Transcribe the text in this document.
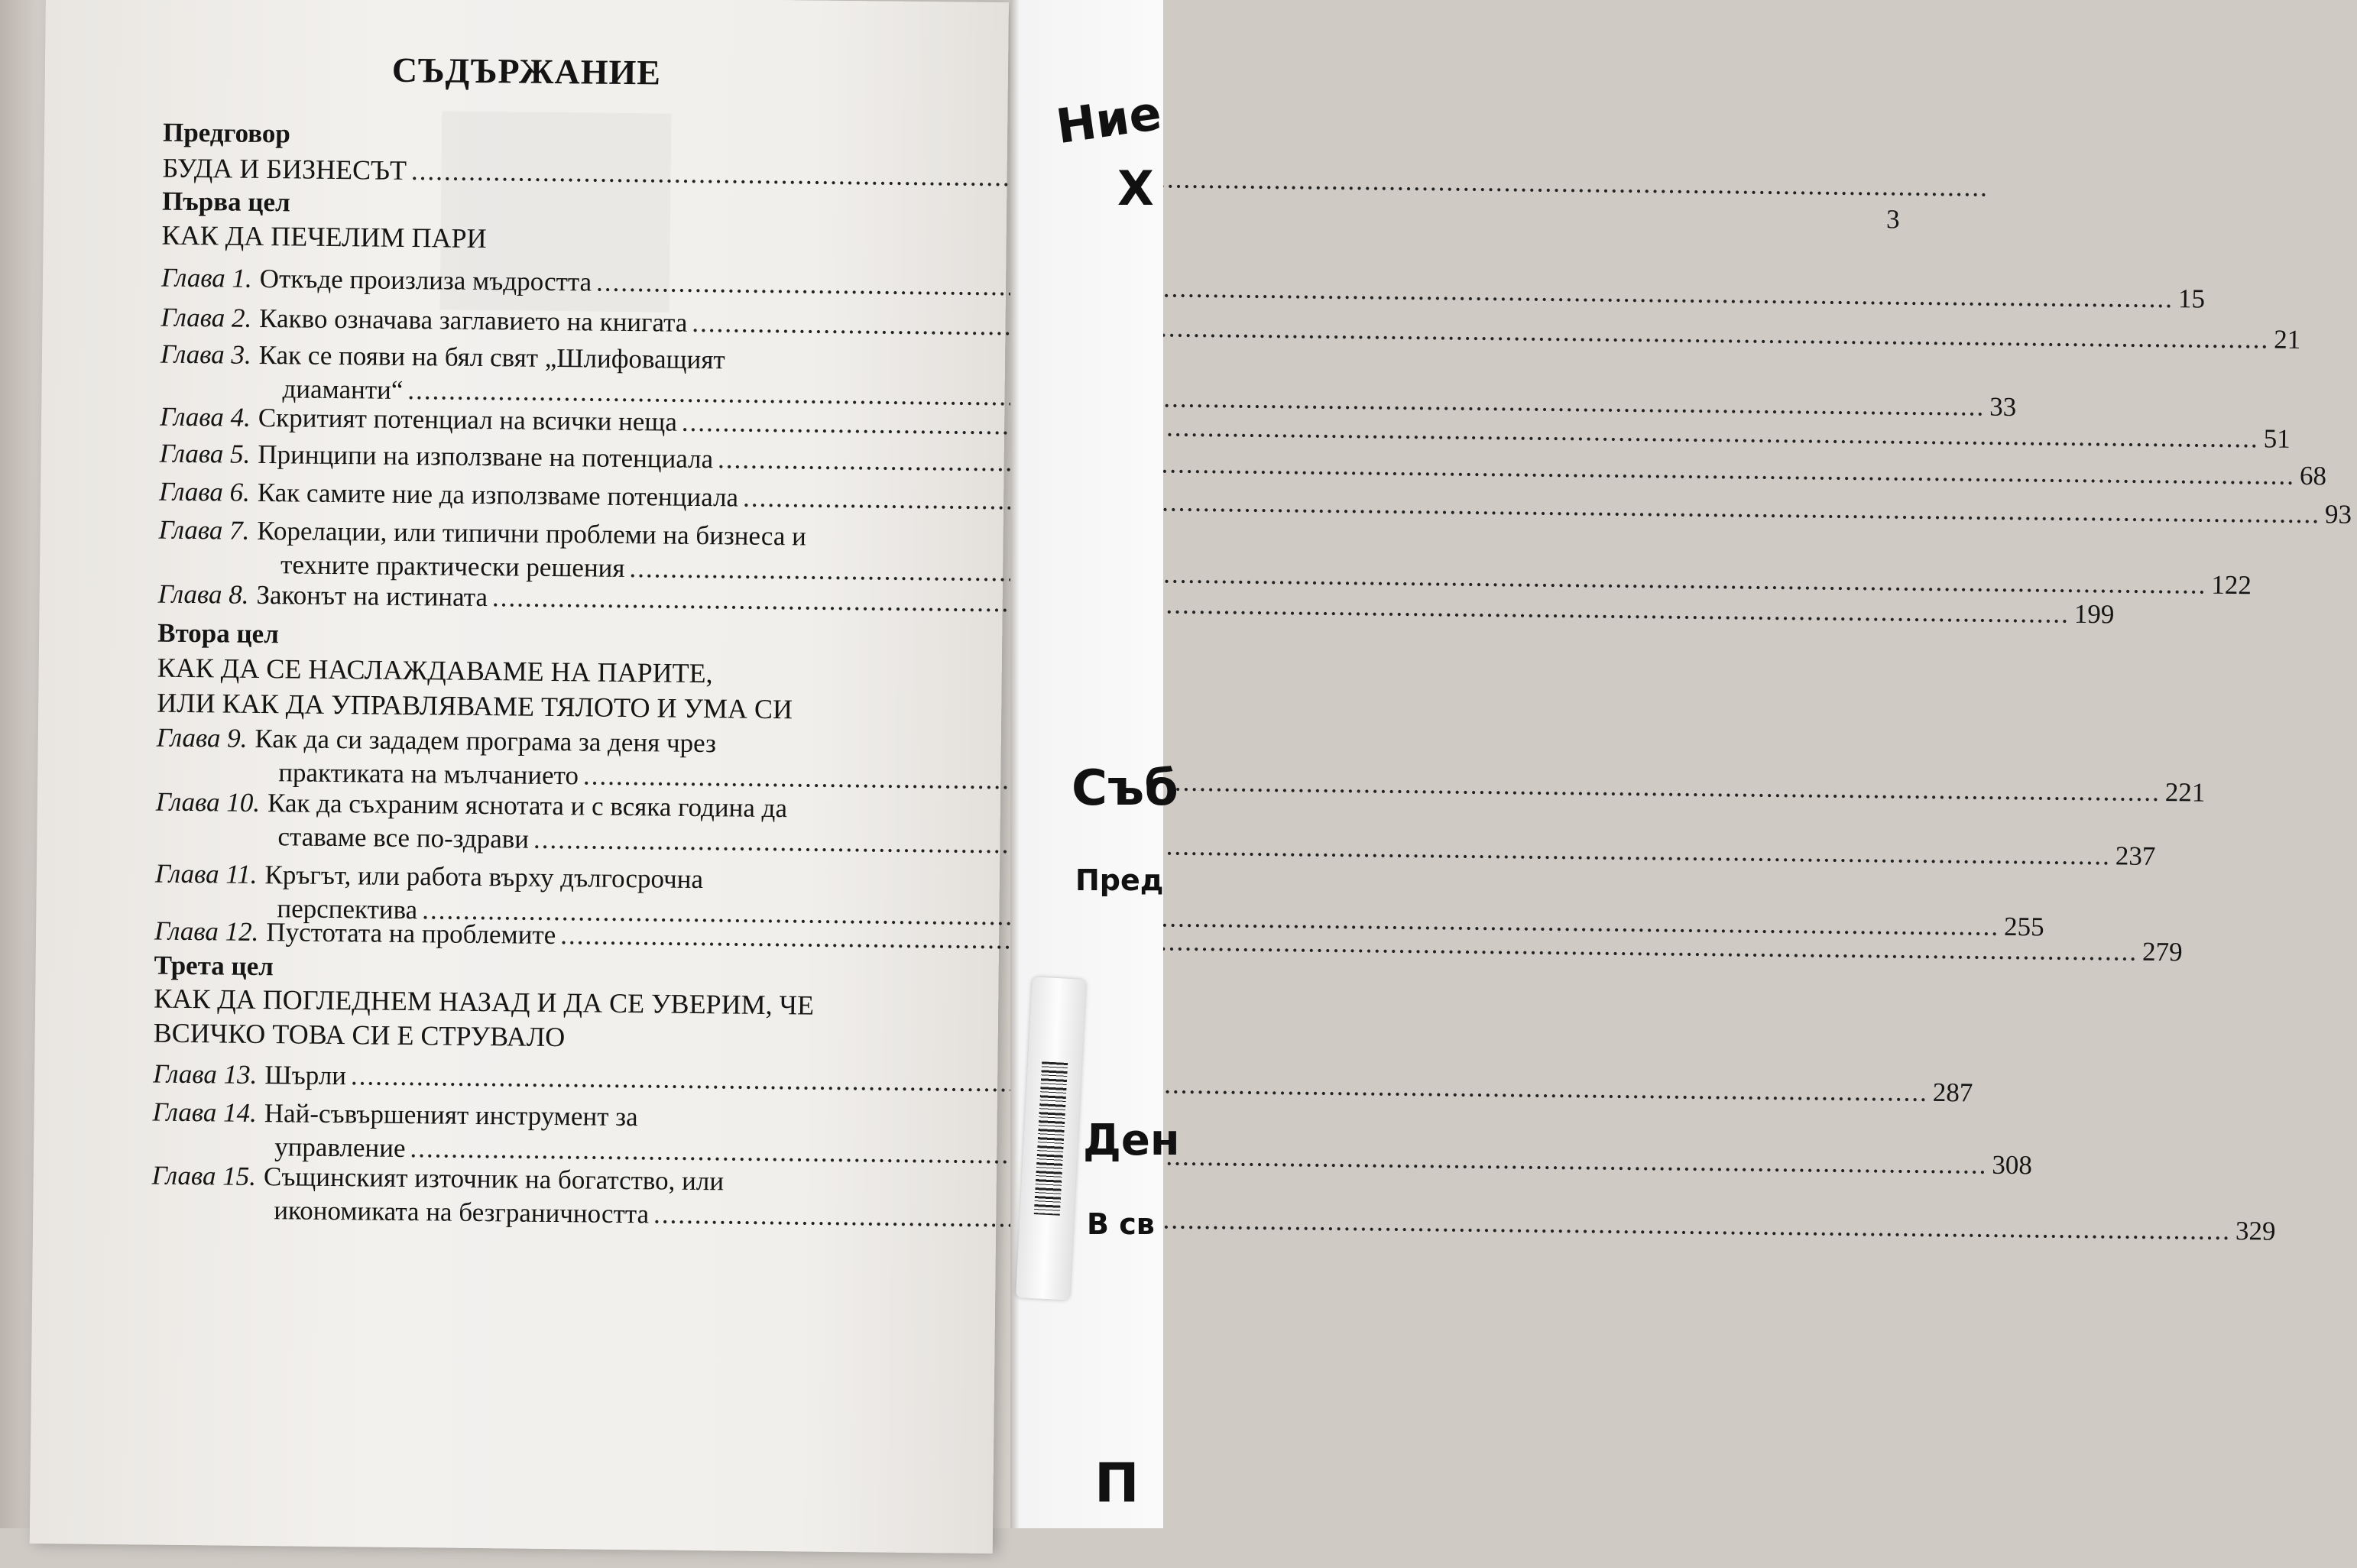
СЪДЪРЖАНИЕ
Предговор
БУДА И БИЗНЕСЪТ
.....
Първа цел
3
КАК ДА ПЕЧЕЛИМ ПАРИ
Глава 1. Откъде произлиза мъдростта
.....
15
Глава 2. Какво означава заглавието на книгата
.....
21
Глава 3. Как се появи на бял свят „Шлифоващият
диаманти“
.....
33
Глава 4. Скритият потенциал на всички неща
.....
51
Глава 5. Принципи на използване на потенциала
.....
68
Глава 6. Как самите ние да използваме потенциала
.....
93
Глава 7. Корелации, или типични проблеми на бизнеса и
техните практически решения
.....
122
Глава 8. Законът на истината
.....
199
Втора цел
КАК ДА СЕ НАСЛАЖДАВАМЕ НА ПАРИТЕ,
ИЛИ КАК ДА УПРАВЛЯВАМЕ ТЯЛОТО И УМА СИ
Глава 9. Как да си зададем програма за деня чрез
практиката на мълчанието
.....
221
Глава 10. Как да съхраним яснотата и с всяка година да
ставаме все по-здрави
.....
237
Глава 11. Кръгът, или работа върху дългосрочна
перспектива
.....
255
Глава 12. Пустотата на проблемите
.....
279
Трета цел
КАК ДА ПОГЛЕДНЕМ НАЗАД И ДА СЕ УВЕРИМ, ЧЕ
ВСИЧКО ТОВА СИ Е СТРУВАЛО
Глава 13. Шърли
.....
287
Глава 14. Най-съвършеният инструмент за
управление
.....
308
Глава 15. Същинският източник на богатство, или
икономиката на безграничността
.....
329
Ние
Х
Съб
Пред
Ден
В св
П
